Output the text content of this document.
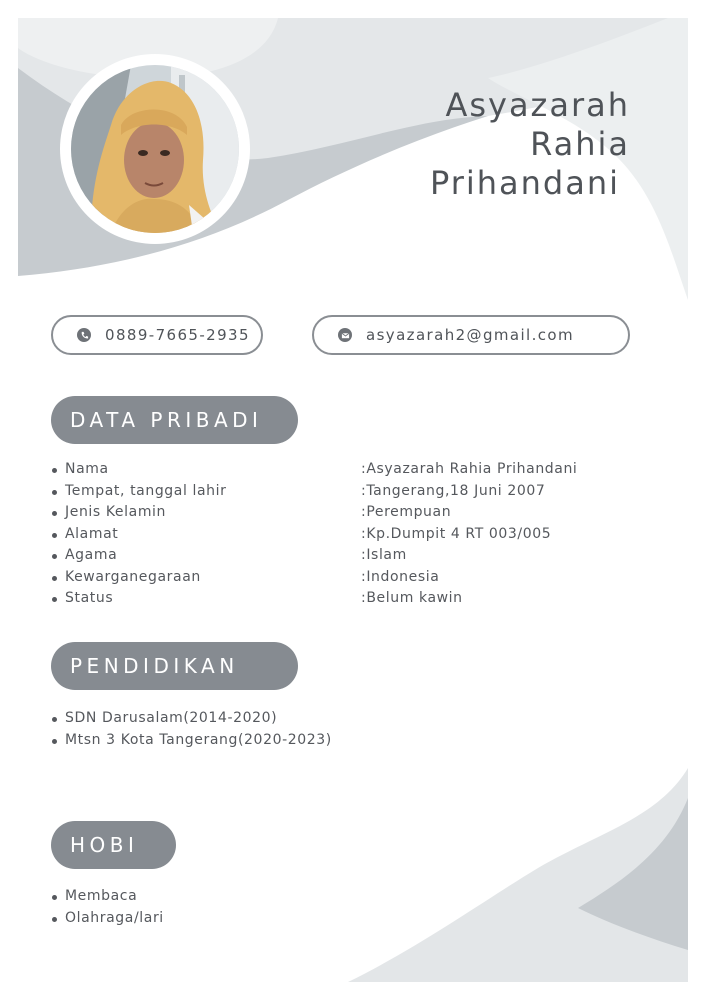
Asyazarah
Rahia
Prihandani
0889-7665-2935	asyazarah2@gmail.com
DATA PRIBADI
Nama	:Asyazarah Rahia Prihandani
Tempat, tanggal lahir	:Tangerang,18 Juni 2007
Jenis Kelamin	:Perempuan
Alamat	:Kp.Dumpit 4 RT 003/005
Agama	:Islam
Kewarganegaraan	:Indonesia
Status	:Belum kawin
PENDIDIKAN
SDN Darusalam(2014-2020)
Mtsn 3 Kota Tangerang(2020-2023)
HOBI
Membaca
Olahraga/lari
